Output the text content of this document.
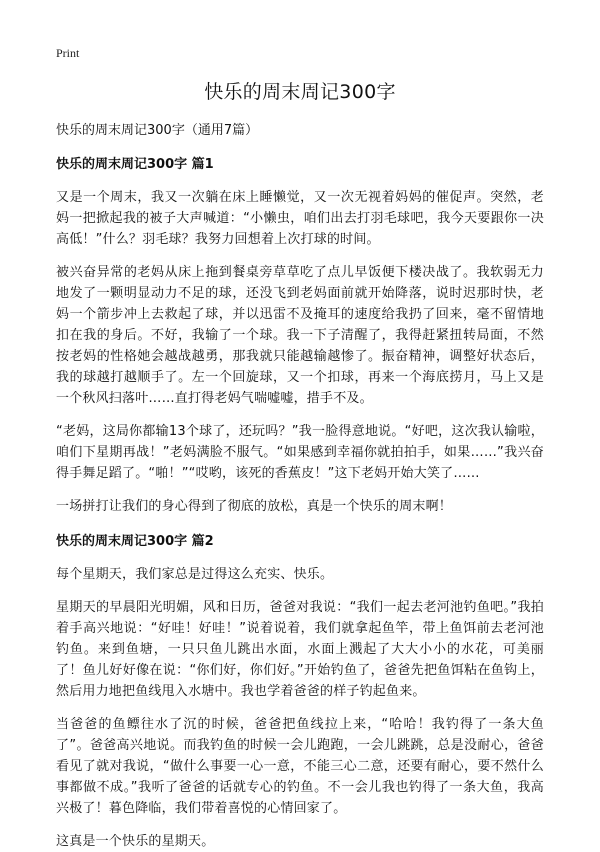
Print
快乐的周末周记300字

快乐的周末周记300字（通用7篇）

快乐的周末周记300字 篇1

又是一个周末，我又一次躺在床上睡懒觉，又一次无视着妈妈的催促声。突然，老妈一把掀起我的被子大声喊道：“小懒虫，咱们出去打羽毛球吧，我今天要跟你一决高低！”什么？羽毛球？我努力回想着上次打球的时间。

被兴奋异常的老妈从床上拖到餐桌旁草草吃了点儿早饭便下楼决战了。我软弱无力地发了一颗明显动力不足的球，还没飞到老妈面前就开始降落，说时迟那时快，老妈一个箭步冲上去救起了球，并以迅雷不及掩耳的速度给我扔了回来，毫不留情地扣在我的身后。不好，我输了一个球。我一下子清醒了，我得赶紧扭转局面，不然按老妈的性格她会越战越勇，那我就只能越输越惨了。振奋精神，调整好状态后，我的球越打越顺手了。左一个回旋球，又一个扣球，再来一个海底捞月，马上又是一个秋风扫落叶……直打得老妈气喘嘘嘘，措手不及。

“老妈，这局你都输13个球了，还玩吗？”我一脸得意地说。“好吧，这次我认输啦，咱们下星期再战！”老妈满脸不服气。“如果感到幸福你就拍拍手，如果……”我兴奋得手舞足蹈了。“啪！”“哎哟，该死的香蕉皮！”这下老妈开始大笑了……

一场拼打让我们的身心得到了彻底的放松，真是一个快乐的周末啊！

快乐的周末周记300字 篇2

每个星期天，我们家总是过得这么充实、快乐。

星期天的早晨阳光明媚，风和日历，爸爸对我说：“我们一起去老河池钓鱼吧。”我拍着手高兴地说：“好哇！好哇！”说着说着，我们就拿起鱼竿，带上鱼饵前去老河池钓鱼。来到鱼塘，一只只鱼儿跳出水面，水面上溅起了大大小小的水花，可美丽了！鱼儿好好像在说：“你们好，你们好。”开始钓鱼了，爸爸先把鱼饵粘在鱼钩上，然后用力地把鱼线甩入水塘中。我也学着爸爸的样子钓起鱼来。

当爸爸的鱼鳔往水了沉的时候，爸爸把鱼线拉上来，“哈哈！我钓得了一条大鱼了”。爸爸高兴地说。而我钓鱼的时候一会儿跑跑，一会儿跳跳，总是没耐心，爸爸看见了就对我说，“做什么事要一心一意，不能三心二意，还要有耐心，要不然什么事都做不成。”我听了爸爸的话就专心的钓鱼。不一会儿我也钓得了一条大鱼，我高兴极了！暮色降临，我们带着喜悦的心情回家了。

这真是一个快乐的星期天。
